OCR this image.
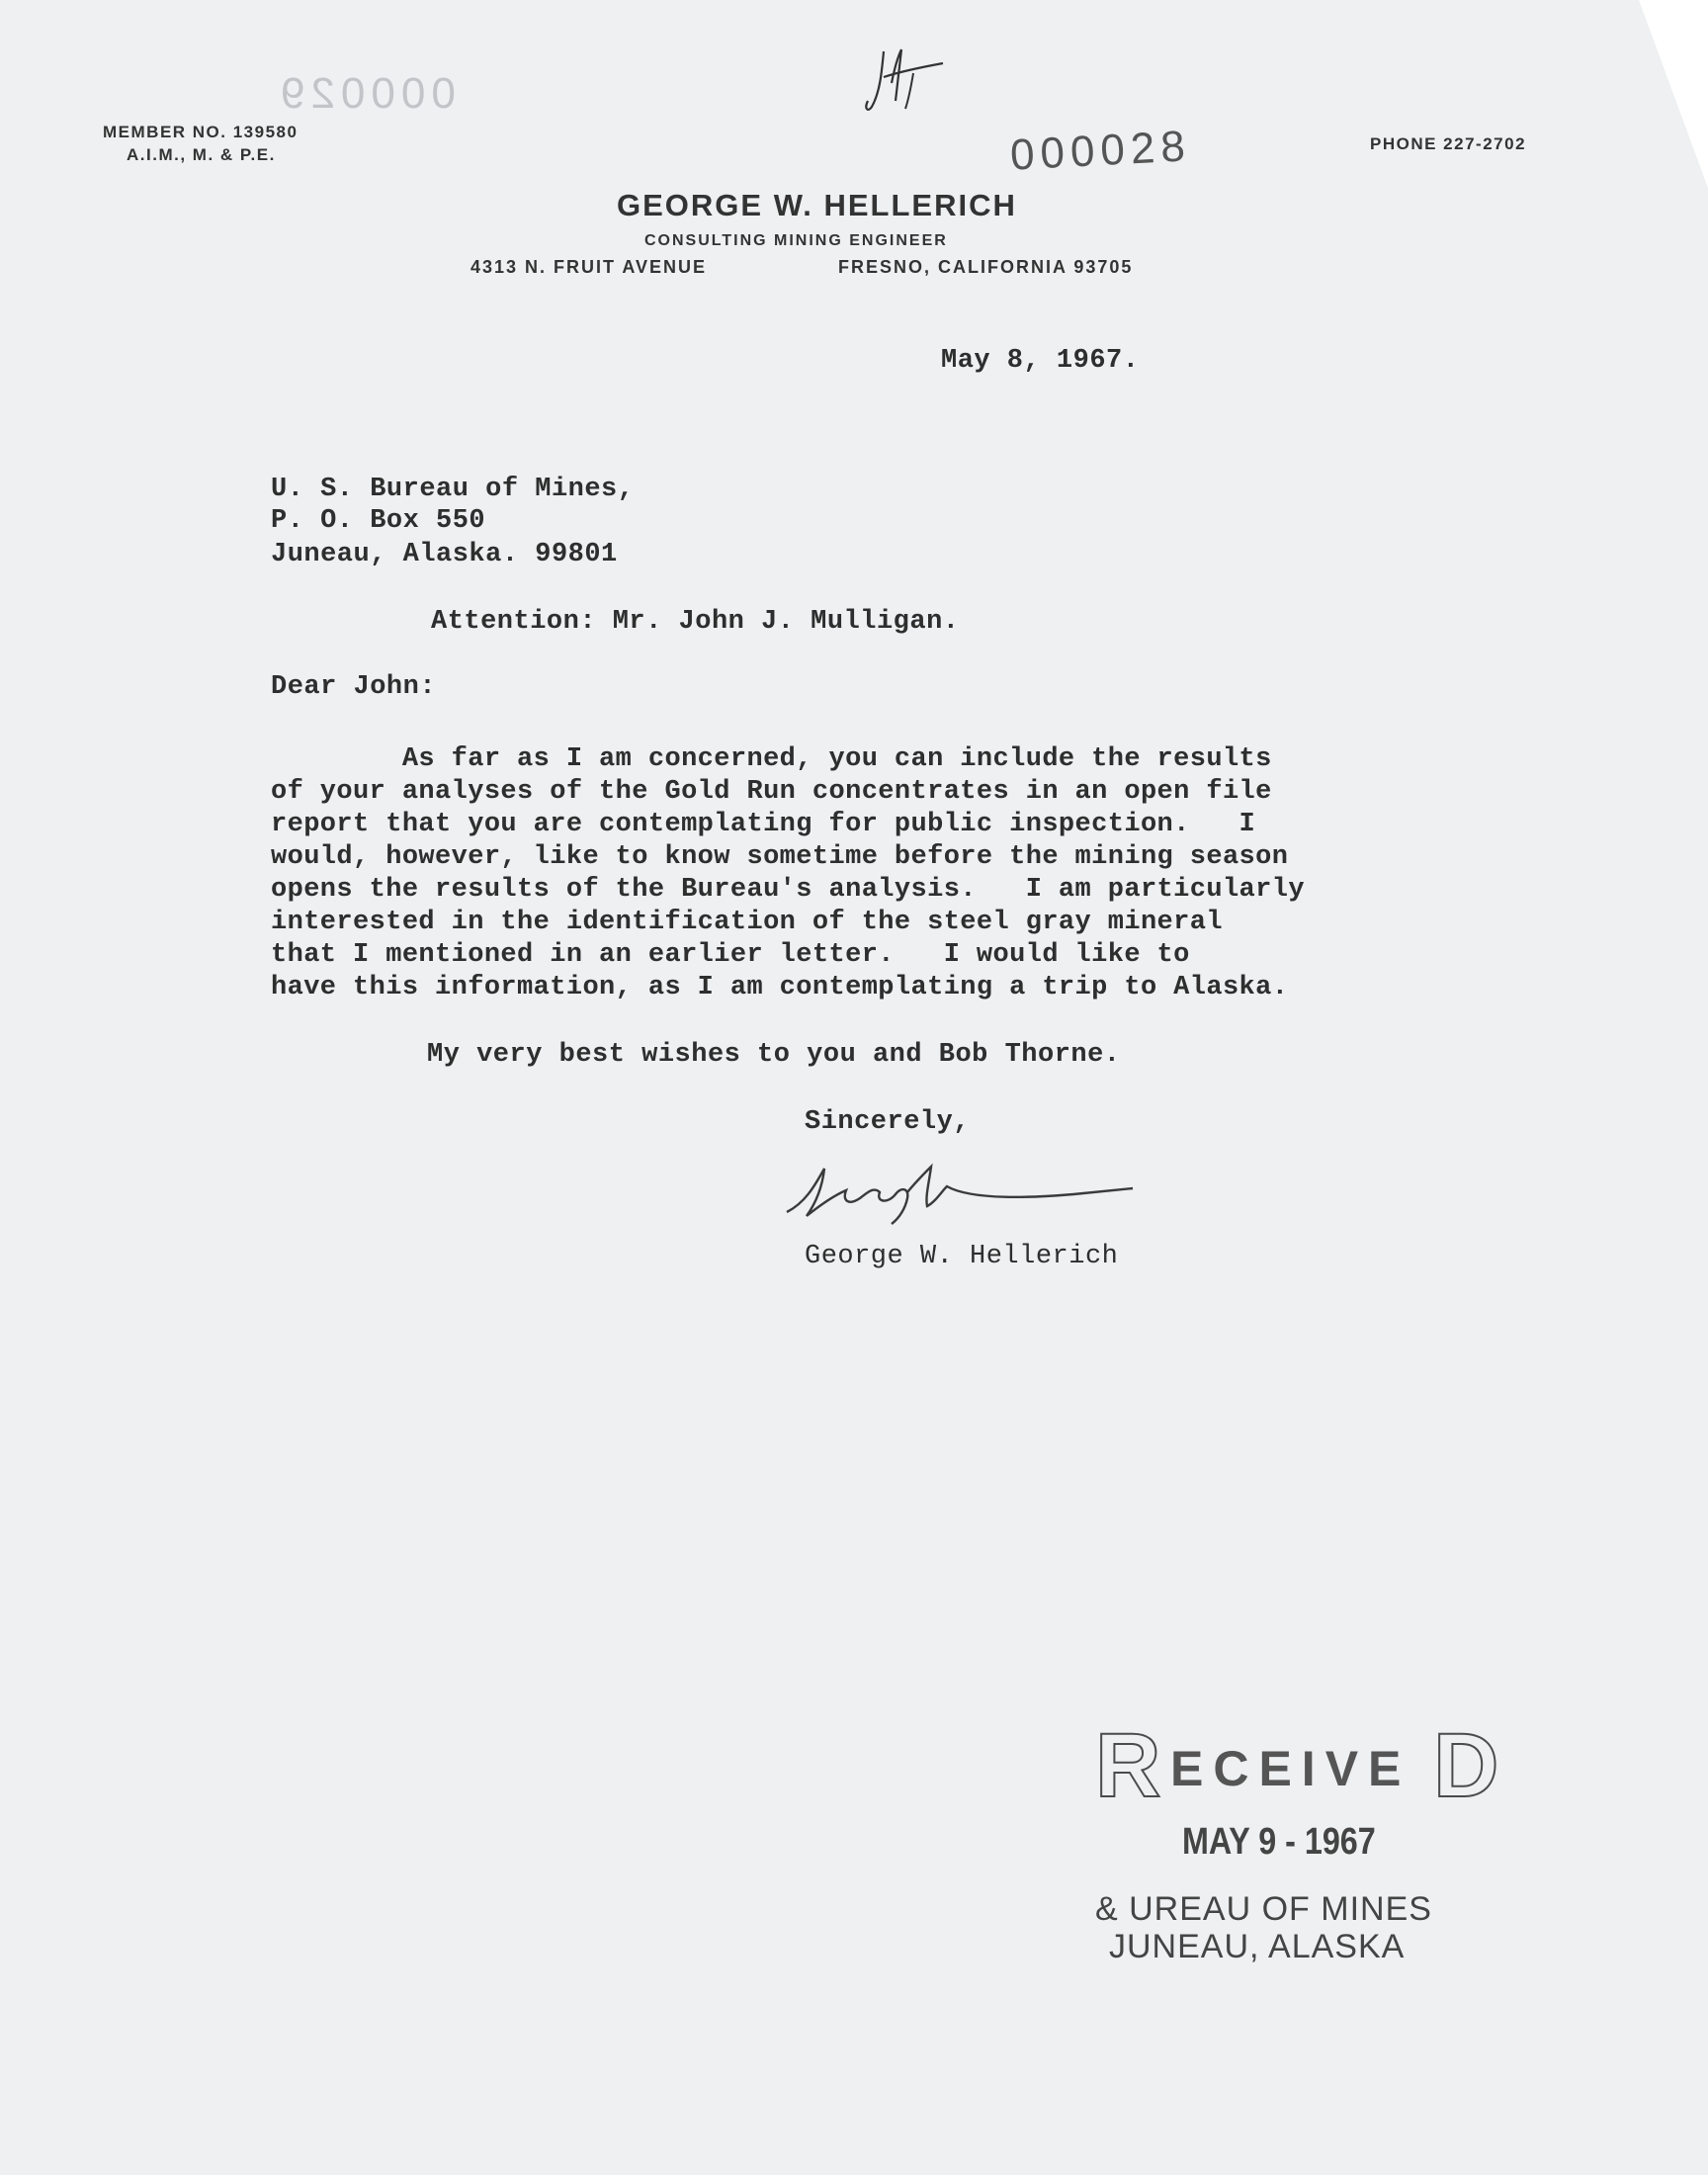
000029
MEMBER NO. 139580
A.I.M., M. & P.E.	000028	PHONE 227-2702
GEORGE W. HELLERICH
CONSULTING MINING ENGINEER
4313 N. FRUIT AVENUE	FRESNO, CALIFORNIA 93705
May 8, 1967.
U. S. Bureau of Mines,
P. O. Box 550
Juneau, Alaska. 99801
Attention: Mr. John J. Mulligan.
Dear John:
As far as I am concerned, you can include the results
of your analyses of the Gold Run concentrates in an open file
report that you are contemplating for public inspection.   I
would, however, like to know sometime before the mining season
opens the results of the Bureau's analysis.   I am particularly
interested in the identification of the steel gray mineral
that I mentioned in an earlier letter.   I would like to
have this information, as I am contemplating a trip to Alaska.
My very best wishes to you and Bob Thorne.
Sincerely,
George W. Hellerich

R ECEIVE D
MAY 9 - 1967
& UREAU OF MINES
JUNEAU, ALASKA
